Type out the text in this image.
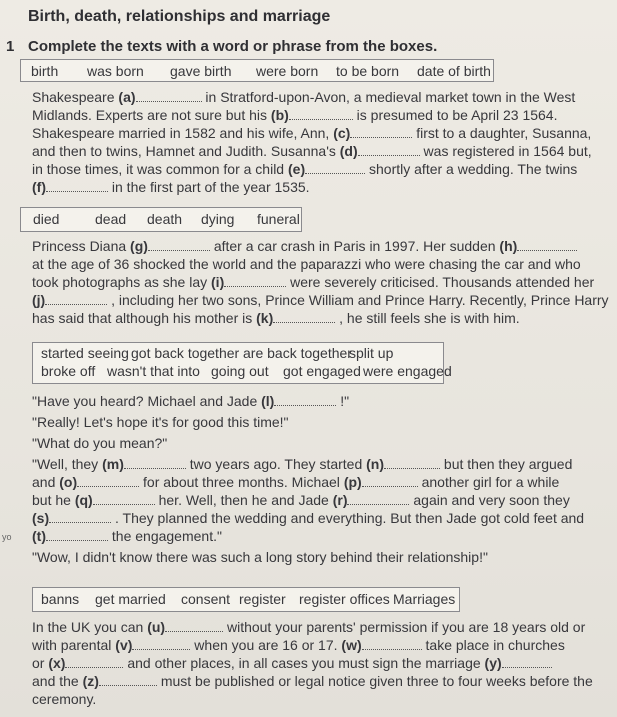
Birth, death, relationships and marriage
1 Complete the texts with a word or phrase from the boxes.
birth was born gave birth were born to be born date of birth
Shakespeare (a)	in Stratford-upon-Avon, a medieval market town in the West
Midlands. Experts are not sure but his (b)	is presumed to be April 23 1564.
Shakespeare married in 1582 and his wife, Ann, (c)	first to a daughter, Susanna,
and then to twins, Hamnet and Judith. Susanna's (d)	was registered in 1564 but,
in those times, it was common for a child (e)	shortly after a wedding. The twins
(f)	in the first part of the year 1535.
died	dead death dying funeral
Princess Diana (g)	after a car crash in Paris in 1997. Her sudden (h)
at the age of 36 shocked the world and the paparazzi who were chasing the car and who
took photographs as she lay (i)	were severely criticised. Thousands attended her
(j)	, including her two sons, Prince William and Prince Harry. Recently, Prince Harry
has said that although his mother is (k)	, he still feels she is with him.
started seeing got back together are back together
split up
broke off wasn't that into going out got engaged were engaged
"Have you heard? Michael and Jade (l)	!"
"Really! Let's hope it's for good this time!"
"What do you mean?"
"Well, they (m)	two years ago. They started (n)	but then they argued
and (o)	for about three months. Michael (p)	another girl for a while
but he (q)	her. Well, then he and Jade (r)	again and very soon they
(s)	. They planned the wedding and everything. But then Jade got cold feet and
(t)	the engagement."
"Wow, I didn't know there was such a long story behind their relationship!"
yo
banns get married consent register register offices Marriages
In the UK you can (u)	without your parents' permission if you are 18 years old or
with parental (v)	when you are 16 or 17. (w)	take place in churches
or (x)	and other places, in all cases you must sign the marriage (y)
and the (z)	must be published or legal notice given three to four weeks before the
ceremony.
